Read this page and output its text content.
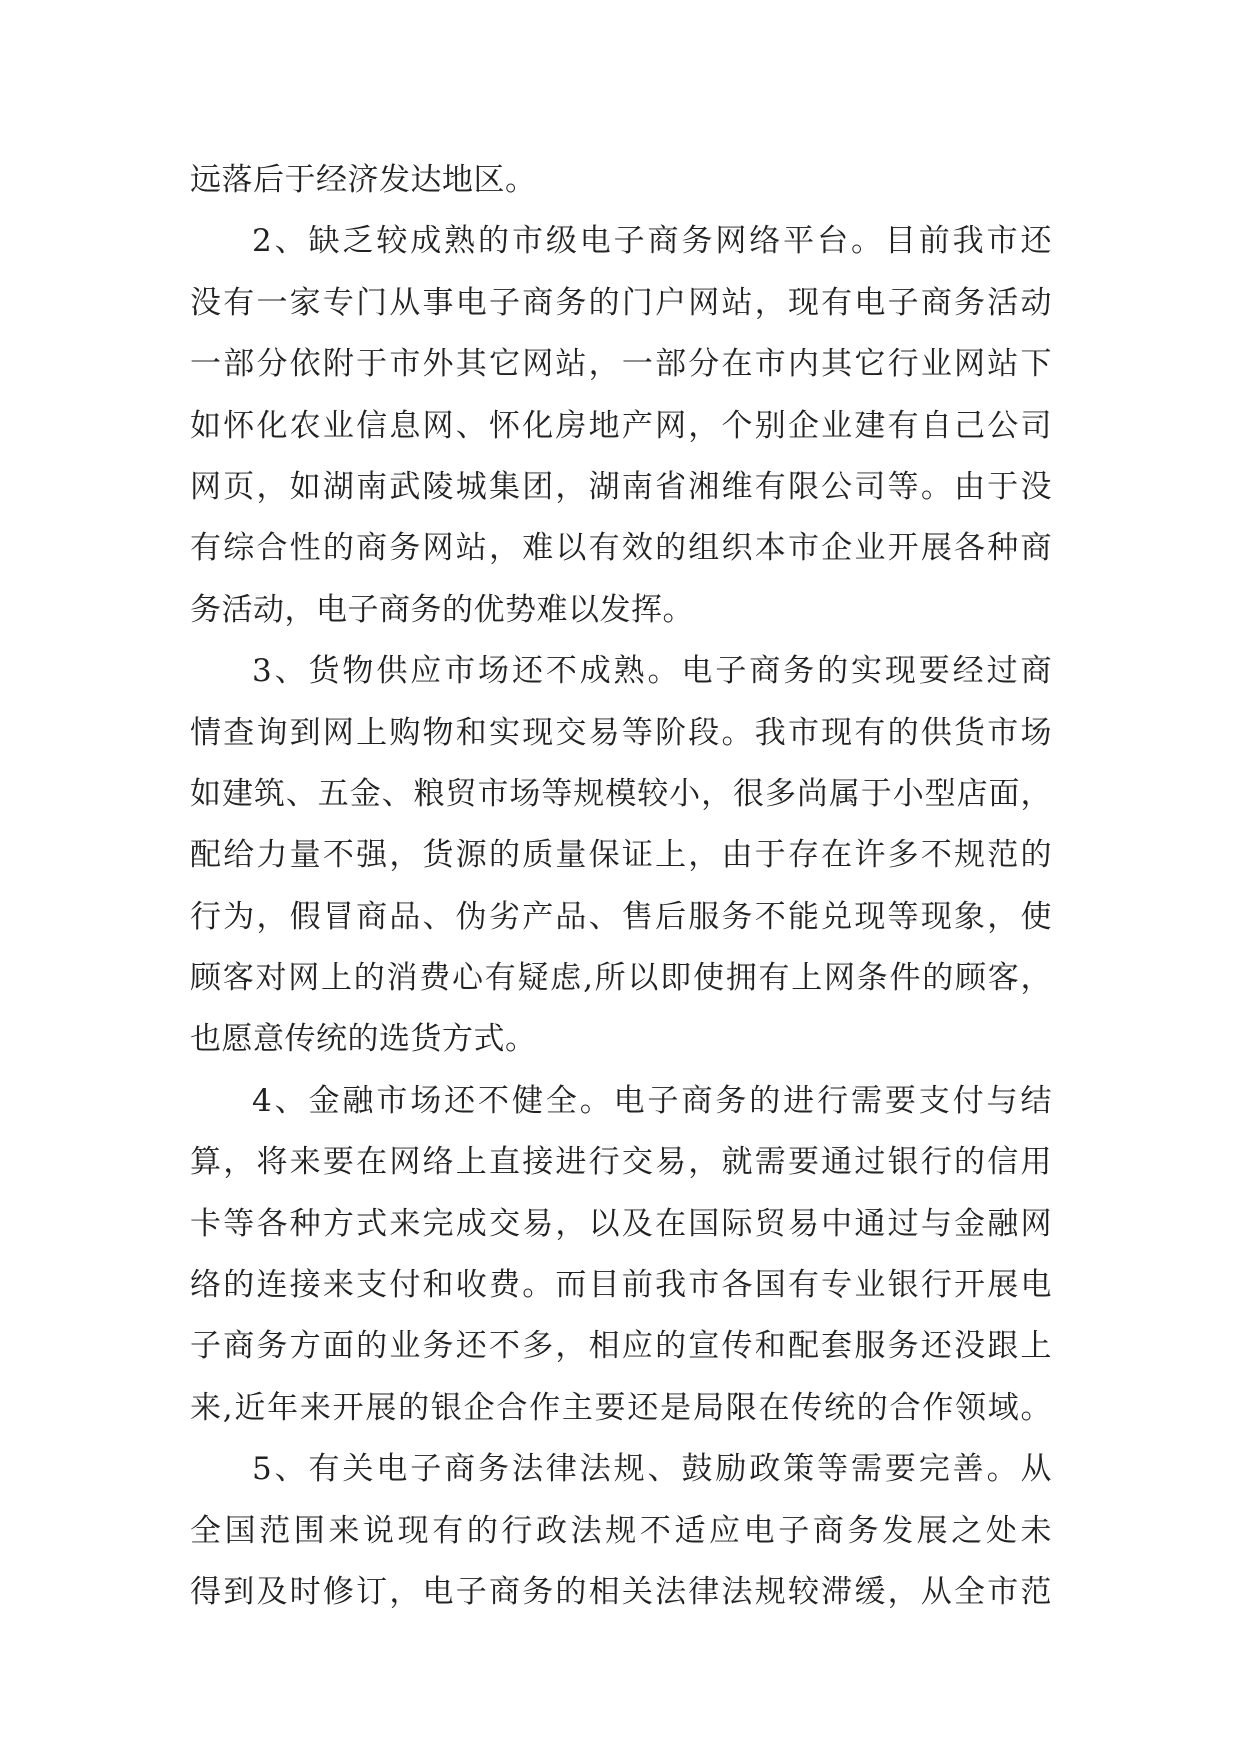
远落后于经济发达地区。
2、缺乏较成熟的市级电子商务网络平台。目前我市还
没有一家专门从事电子商务的门户网站，现有电子商务活动
一部分依附于市外其它网站，一部分在市内其它行业网站下
如怀化农业信息网、怀化房地产网，个别企业建有自己公司
网页，如湖南武陵城集团，湖南省湘维有限公司等。由于没
有综合性的商务网站，难以有效的组织本市企业开展各种商
务活动，电子商务的优势难以发挥。
3、货物供应市场还不成熟。电子商务的实现要经过商
情查询到网上购物和实现交易等阶段。我市现有的供货市场
如建筑、五金、粮贸市场等规模较小，很多尚属于小型店面，
配给力量不强，货源的质量保证上，由于存在许多不规范的
行为，假冒商品、伪劣产品、售后服务不能兑现等现象，使
顾客对网上的消费心有疑虑,所以即使拥有上网条件的顾客，
也愿意传统的选货方式。
4、金融市场还不健全。电子商务的进行需要支付与结
算，将来要在网络上直接进行交易，就需要通过银行的信用
卡等各种方式来完成交易，以及在国际贸易中通过与金融网
络的连接来支付和收费。而目前我市各国有专业银行开展电
子商务方面的业务还不多，相应的宣传和配套服务还没跟上
来,近年来开展的银企合作主要还是局限在传统的合作领域。
5、有关电子商务法律法规、鼓励政策等需要完善。从
全国范围来说现有的行政法规不适应电子商务发展之处未
得到及时修订，电子商务的相关法律法规较滞缓，从全市范
